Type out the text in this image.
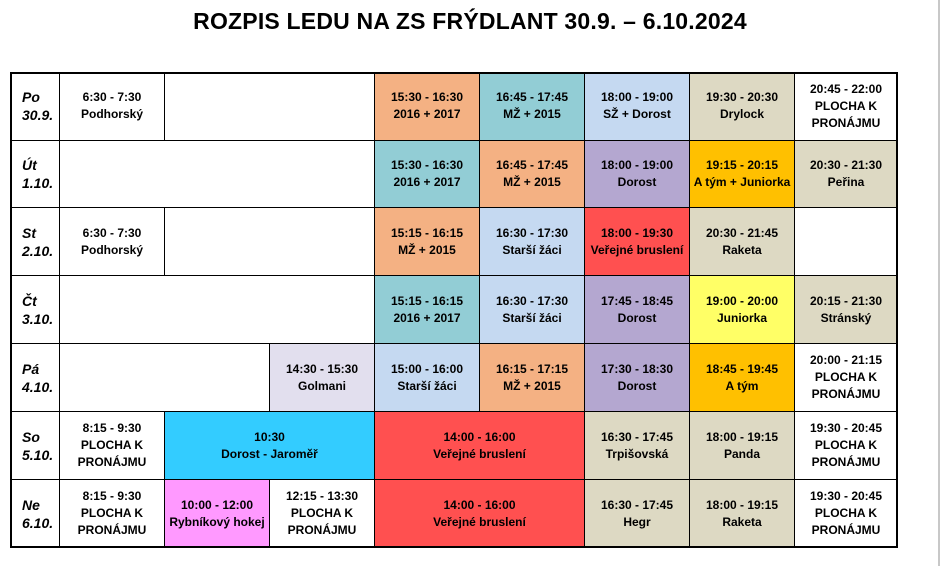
ROZPIS LEDU NA ZS FRÝDLANT 30.9. – 6.10.2024
Po
30.9.
6:30 - 7:30
Podhorský
15:30 - 16:30
2016 + 2017
16:45 - 17:45
MŽ + 2015
18:00 - 19:00
SŽ + Dorost
19:30 - 20:30
Drylock
20:45 - 22:00
PLOCHA K PRONÁJMU
Út
1.10.
15:30 - 16:30
2016 + 2017
16:45 - 17:45
MŽ + 2015
18:00 - 19:00
Dorost
19:15 - 20:15
A tým + Juniorka
20:30 - 21:30
Peřina
St
2.10.
6:30 - 7:30
Podhorský
15:15 - 16:15
MŽ + 2015
16:30 - 17:30
Starší žáci
18:00 - 19:30
Veřejné bruslení
20:30 - 21:45
Raketa
Čt
3.10.
15:15 - 16:15
2016 + 2017
16:30 - 17:30
Starší žáci
17:45 - 18:45
Dorost
19:00 - 20:00
Juniorka
20:15 - 21:30
Stránský
Pá
4.10.
14:30 - 15:30
Golmani
15:00 - 16:00
Starší žáci
16:15 - 17:15
MŽ + 2015
17:30 - 18:30
Dorost
18:45 - 19:45
A tým
20:00 - 21:15
PLOCHA K PRONÁJMU
So
5.10.
8:15 - 9:30
PLOCHA K PRONÁJMU
10:30
Dorost - Jaroměř
14:00 - 16:00
Veřejné bruslení
16:30 - 17:45
Trpišovská
18:00 - 19:15
Panda
19:30 - 20:45
PLOCHA K PRONÁJMU
Ne
6.10.
8:15 - 9:30
PLOCHA K PRONÁJMU
10:00 - 12:00
Rybníkový hokej
12:15 - 13:30
PLOCHA K PRONÁJMU
14:00 - 16:00
Veřejné bruslení
16:30 - 17:45
Hegr
18:00 - 19:15
Raketa
19:30 - 20:45
PLOCHA K PRONÁJMU
